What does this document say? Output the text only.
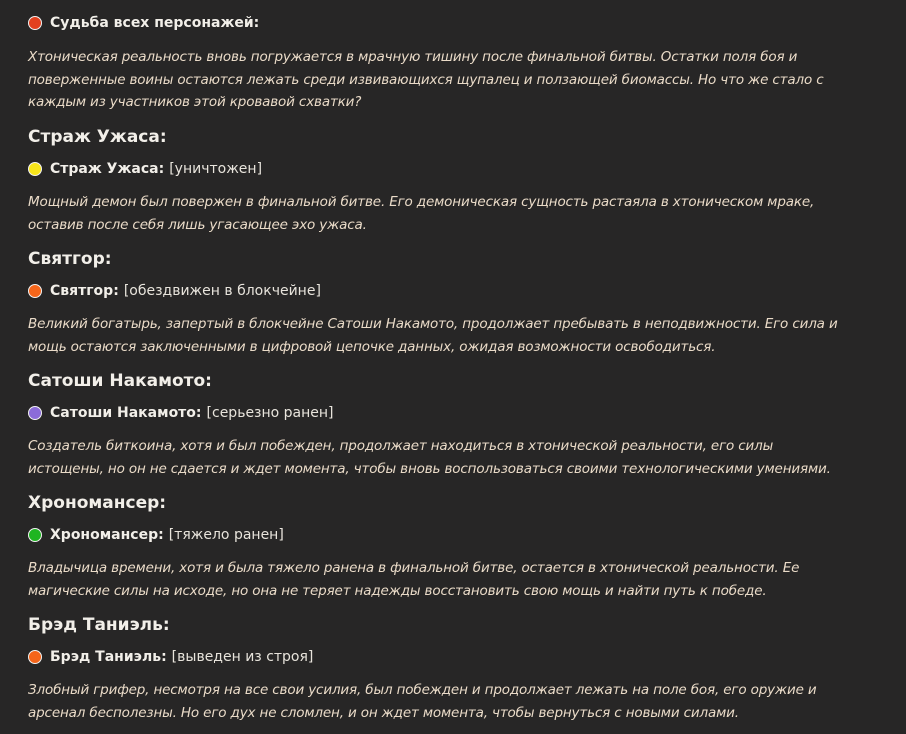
Судьба всех персонажей:
Хтоническая реальность вновь погружается в мрачную тишину после финальной битвы. Остатки поля боя и
поверженные воины остаются лежать среди извивающихся щупалец и ползающей биомассы. Но что же стало с
каждым из участников этой кровавой схватки?
Страж Ужаса:
Страж Ужаса: [уничтожен]
Мощный демон был повержен в финальной битве. Его демоническая сущность растаяла в хтоническом мраке,
оставив после себя лишь угасающее эхо ужаса.
Святгор:
Святгор: [обездвижен в блокчейне]
Великий богатырь, запертый в блокчейне Сатоши Накамото, продолжает пребывать в неподвижности. Его сила и
мощь остаются заключенными в цифровой цепочке данных, ожидая возможности освободиться.
Сатоши Накамото:
Сатоши Накамото: [серьезно ранен]
Создатель биткоина, хотя и был побежден, продолжает находиться в хтонической реальности, его силы
истощены, но он не сдается и ждет момента, чтобы вновь воспользоваться своими технологическими умениями.
Хрономансер:
Хрономансер: [тяжело ранен]
Владычица времени, хотя и была тяжело ранена в финальной битве, остается в хтонической реальности. Ее
магические силы на исходе, но она не теряет надежды восстановить свою мощь и найти путь к победе.
Брэд Таниэль:
Брэд Таниэль: [выведен из строя]
Злобный грифер, несмотря на все свои усилия, был побежден и продолжает лежать на поле боя, его оружие и
арсенал бесполезны. Но его дух не сломлен, и он ждет момента, чтобы вернуться с новыми силами.
